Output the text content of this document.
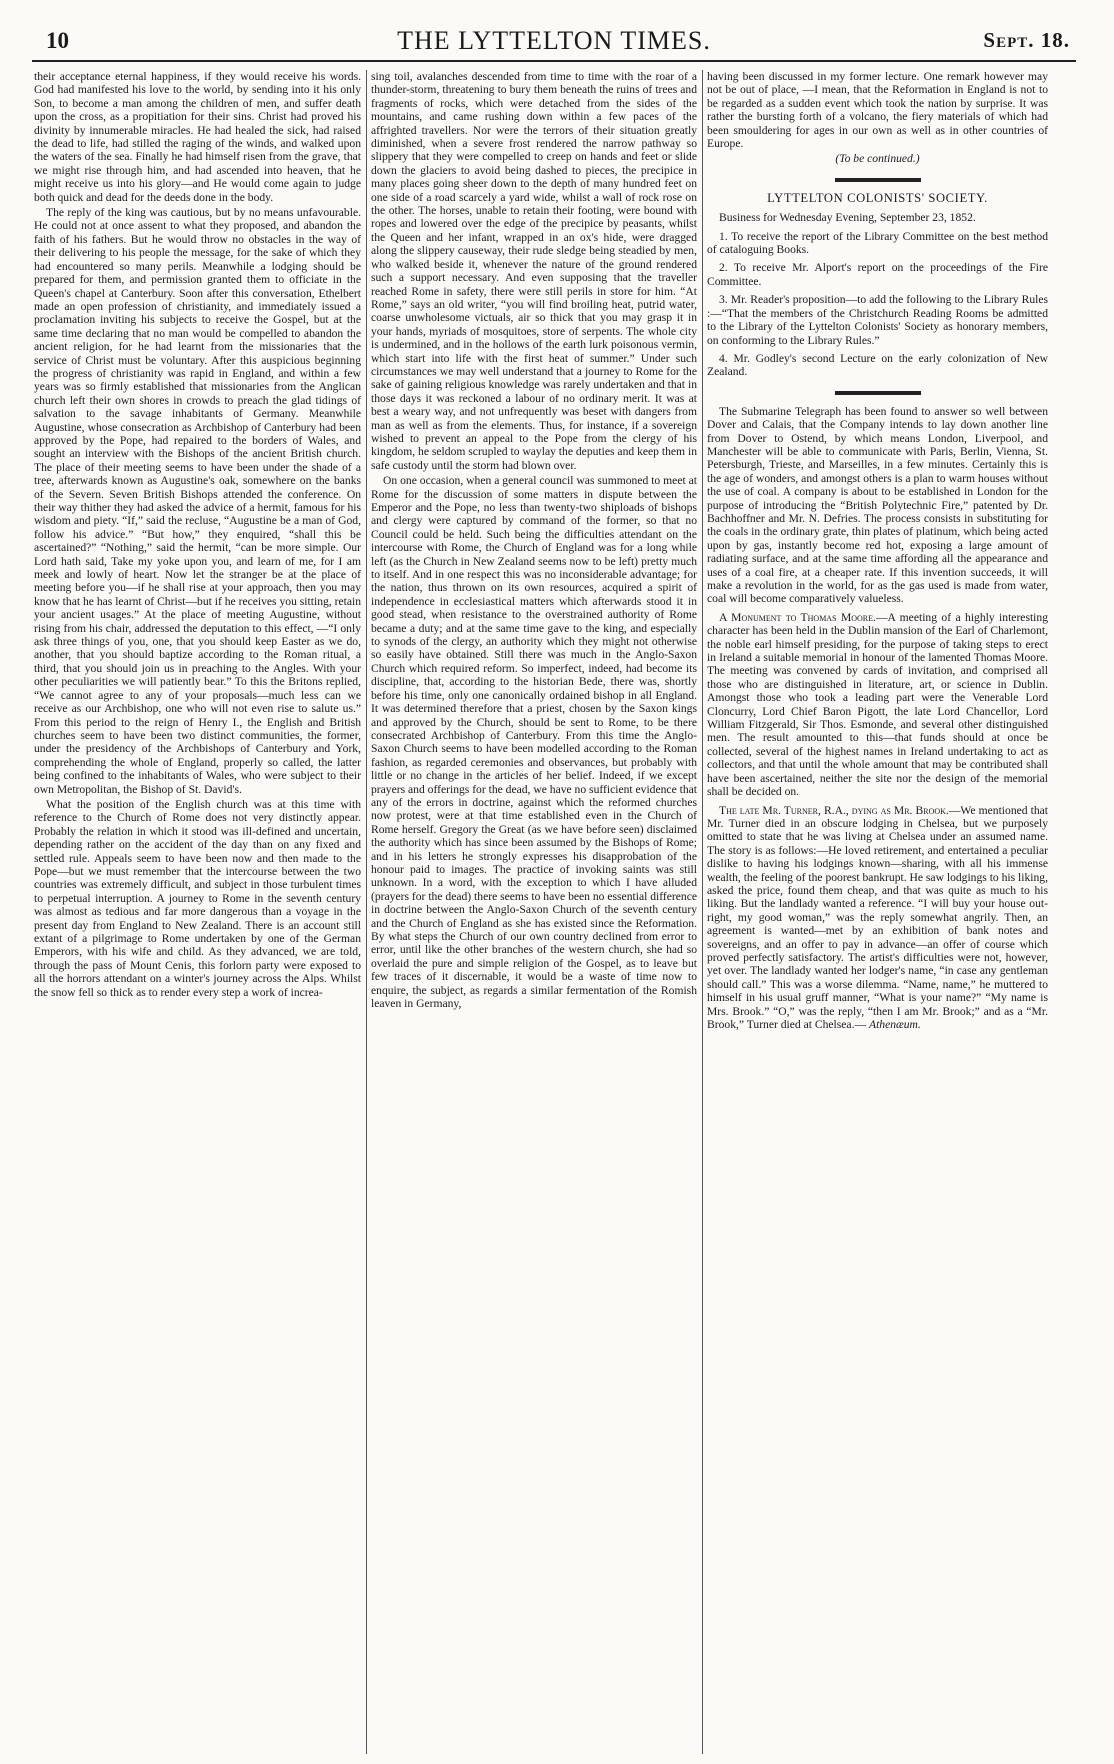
10	THE LYTTELTON TIMES.	Sept. 18.

their acceptance eternal happiness, if they would receive his words. God had manifested his love to the world, by sending into it his only Son, to become a man among the children of men, and suffer death upon the cross, as a propitiation for their sins. Christ had proved his divinity by innumerable miracles. He had healed the sick, had raised the dead to life, had stilled the raging of the winds, and walked upon the waters of the sea. Finally he had himself risen from the grave, that we might rise through him, and had ascended into heaven, that he might receive us into his glory—and He would come again to judge both quick and dead for the deeds done in the body.

The reply of the king was cautious, but by no means unfavourable. He could not at once assent to what they proposed, and abandon the faith of his fathers. But he would throw no obstacles in the way of their delivering to his people the message, for the sake of which they had encountered so many perils. Meanwhile a lodging should be prepared for them, and permission granted them to officiate in the Queen's chapel at Canterbury. Soon after this conversation, Ethelbert made an open profession of christianity, and immediately issued a proclamation inviting his subjects to receive the Gospel, but at the same time declaring that no man would be compelled to abandon the ancient religion, for he had learnt from the missionaries that the service of Christ must be voluntary. After this auspicious beginning the progress of christianity was rapid in England, and within a few years was so firmly established that missionaries from the Anglican church left their own shores in crowds to preach the glad tidings of salvation to the savage inhabitants of Germany. Meanwhile Augustine, whose consecration as Archbishop of Canterbury had been approved by the Pope, had repaired to the borders of Wales, and sought an interview with the Bishops of the ancient British church. The place of their meeting seems to have been under the shade of a tree, afterwards known as Augustine's oak, somewhere on the banks of the Severn. Seven British Bishops attended the conference. On their way thither they had asked the advice of a hermit, famous for his wisdom and piety. “If,” said the recluse, “Augustine be a man of God, follow his advice.” “But how,” they enquired, “shall this be ascertained?” “Nothing,” said the hermit, “can be more simple. Our Lord hath said, Take my yoke upon you, and learn of me, for I am meek and lowly of heart. Now let the stranger be at the place of meeting before you—if he shall rise at your approach, then you may know that he has learnt of Christ—but if he receives you sitting, retain your ancient usages.” At the place of meeting Augustine, without rising from his chair, addressed the deputation to this effect, —“I only ask three things of you, one, that you should keep Easter as we do, another, that you should baptize according to the Roman ritual, a third, that you should join us in preaching to the Angles. With your other peculiarities we will patiently bear.” To this the Britons replied, “We cannot agree to any of your proposals—much less can we receive as our Archbishop, one who will not even rise to salute us.” From this period to the reign of Henry I., the English and British churches seem to have been two distinct communities, the former, under the presidency of the Archbishops of Canterbury and York, comprehending the whole of England, properly so called, the latter being confined to the inhabitants of Wales, who were subject to their own Metropolitan, the Bishop of St. David's.

What the position of the English church was at this time with reference to the Church of Rome does not very distinctly appear. Probably the relation in which it stood was ill-defined and uncertain, depending rather on the accident of the day than on any fixed and settled rule. Appeals seem to have been now and then made to the Pope—but we must remember that the intercourse between the two countries was extremely difficult, and subject in those turbulent times to perpetual interruption. A journey to Rome in the seventh century was almost as tedious and far more dangerous than a voyage in the present day from England to New Zealand. There is an account still extant of a pilgrimage to Rome undertaken by one of the German Emperors, with his wife and child. As they advanced, we are told, through the pass of Mount Cenis, this forlorn party were exposed to all the horrors attendant on a winter's journey across the Alps. Whilst the snow fell so thick as to render every step a work of increa-

sing toil, avalanches descended from time to time with the roar of a thunder-storm, threatening to bury them beneath the ruins of trees and fragments of rocks, which were detached from the sides of the mountains, and came rushing down within a few paces of the affrighted travellers. Nor were the terrors of their situation greatly diminished, when a severe frost rendered the narrow pathway so slippery that they were compelled to creep on hands and feet or slide down the glaciers to avoid being dashed to pieces, the precipice in many places going sheer down to the depth of many hundred feet on one side of a road scarcely a yard wide, whilst a wall of rock rose on the other. The horses, unable to retain their footing, were bound with ropes and lowered over the edge of the precipice by peasants, whilst the Queen and her infant, wrapped in an ox's hide, were dragged along the slippery causeway, their rude sledge being steadied by men, who walked beside it, whenever the nature of the ground rendered such a support necessary. And even supposing that the traveller reached Rome in safety, there were still perils in store for him. “At Rome,” says an old writer, “you will find broiling heat, putrid water, coarse unwholesome victuals, air so thick that you may grasp it in your hands, myriads of mosquitoes, store of serpents. The whole city is undermined, and in the hollows of the earth lurk poisonous vermin, which start into life with the first heat of summer.” Under such circumstances we may well understand that a journey to Rome for the sake of gaining religious knowledge was rarely undertaken and that in those days it was reckoned a labour of no ordinary merit. It was at best a weary way, and not unfrequently was beset with dangers from man as well as from the elements. Thus, for instance, if a sovereign wished to prevent an appeal to the Pope from the clergy of his kingdom, he seldom scrupled to waylay the deputies and keep them in safe custody until the storm had blown over.

On one occasion, when a general council was summoned to meet at Rome for the discussion of some matters in dispute between the Emperor and the Pope, no less than twenty-two shiploads of bishops and clergy were captured by command of the former, so that no Council could be held. Such being the difficulties attendant on the intercourse with Rome, the Church of England was for a long while left (as the Church in New Zealand seems now to be left) pretty much to itself. And in one respect this was no inconsiderable advantage; for the nation, thus thrown on its own resources, acquired a spirit of independence in ecclesiastical matters which afterwards stood it in good stead, when resistance to the overstrained authority of Rome became a duty; and at the same time gave to the king, and especially to synods of the clergy, an authority which they might not otherwise so easily have obtained. Still there was much in the Anglo-Saxon Church which required reform. So imperfect, indeed, had become its discipline, that, according to the historian Bede, there was, shortly before his time, only one canonically ordained bishop in all England. It was determined therefore that a priest, chosen by the Saxon kings and approved by the Church, should be sent to Rome, to be there consecrated Archbishop of Canterbury. From this time the Anglo-Saxon Church seems to have been modelled according to the Roman fashion, as regarded ceremonies and observances, but probably with little or no change in the articles of her belief. Indeed, if we except prayers and offerings for the dead, we have no sufficient evidence that any of the errors in doctrine, against which the reformed churches now protest, were at that time established even in the Church of Rome herself. Gregory the Great (as we have before seen) disclaimed the authority which has since been assumed by the Bishops of Rome; and in his letters he strongly expresses his disapprobation of the honour paid to images. The practice of invoking saints was still unknown. In a word, with the exception to which I have alluded (prayers for the dead) there seems to have been no essential difference in doctrine between the Anglo-Saxon Church of the seventh century and the Church of England as she has existed since the Reformation. By what steps the Church of our own country declined from error to error, until like the other branches of the western church, she had so overlaid the pure and simple religion of the Gospel, as to leave but few traces of it discernable, it would be a waste of time now to enquire, the subject, as regards a similar fermentation of the Romish leaven in Germany,

having been discussed in my former lecture. One remark however may not be out of place, —I mean, that the Reformation in England is not to be regarded as a sudden event which took the nation by surprise. It was rather the bursting forth of a volcano, the fiery materials of which had been smouldering for ages in our own as well as in other countries of Europe.

(To be continued.)

LYTTELTON COLONISTS' SOCIETY.

Business for Wednesday Evening, September 23, 1852.

1. To receive the report of the Library Committee on the best method of cataloguing Books.

2. To receive Mr. Alport's report on the proceedings of the Fire Committee.

3. Mr. Reader's proposition—to add the following to the Library Rules :—“That the members of the Christchurch Reading Rooms be admitted to the Library of the Lyttelton Colonists' Society as honorary members, on conforming to the Library Rules.”

4. Mr. Godley's second Lecture on the early colonization of New Zealand.

The Submarine Telegraph has been found to answer so well between Dover and Calais, that the Company intends to lay down another line from Dover to Ostend, by which means London, Liverpool, and Manchester will be able to communicate with Paris, Berlin, Vienna, St. Petersburgh, Trieste, and Marseilles, in a few minutes. Certainly this is the age of wonders, and amongst others is a plan to warm houses without the use of coal. A company is about to be established in London for the purpose of introducing the “British Polytechnic Fire,” patented by Dr. Bachhoffner and Mr. N. Defries. The process consists in substituting for the coals in the ordinary grate, thin plates of platinum, which being acted upon by gas, instantly become red hot, exposing a large amount of radiating surface, and at the same time affording all the appearance and uses of a coal fire, at a cheaper rate. If this invention succeeds, it will make a revolution in the world, for as the gas used is made from water, coal will become comparatively valueless.

A Monument to Thomas Moore.—A meeting of a highly interesting character has been held in the Dublin mansion of the Earl of Charlemont, the noble earl himself presiding, for the purpose of taking steps to erect in Ireland a suitable memorial in honour of the lamented Thomas Moore. The meeting was convened by cards of invitation, and comprised all those who are distinguished in literature, art, or science in Dublin. Amongst those who took a leading part were the Venerable Lord Cloncurry, Lord Chief Baron Pigott, the late Lord Chancellor, Lord William Fitzgerald, Sir Thos. Esmonde, and several other distinguished men. The result amounted to this—that funds should at once be collected, several of the highest names in Ireland undertaking to act as collectors, and that until the whole amount that may be contributed shall have been ascertained, neither the site nor the design of the memorial shall be decided on.

The late Mr. Turner, R.A., dying as Mr. Brook.—We mentioned that Mr. Turner died in an obscure lodging in Chelsea, but we purposely omitted to state that he was living at Chelsea under an assumed name. The story is as follows:—He loved retirement, and entertained a peculiar dislike to having his lodgings known—sharing, with all his immense wealth, the feeling of the poorest bankrupt. He saw lodgings to his liking, asked the price, found them cheap, and that was quite as much to his liking. But the landlady wanted a reference. “I will buy your house out-right, my good woman,” was the reply somewhat angrily. Then, an agreement is wanted—met by an exhibition of bank notes and sovereigns, and an offer to pay in advance—an offer of course which proved perfectly satisfactory. The artist's difficulties were not, however, yet over. The landlady wanted her lodger's name, “in case any gentleman should call.” This was a worse dilemma. “Name, name,” he muttered to himself in his usual gruff manner, “What is your name?” “My name is Mrs. Brook.” “O,” was the reply, “then I am Mr. Brook;” and as a “Mr. Brook,” Turner died at Chelsea.— Athenæum.
